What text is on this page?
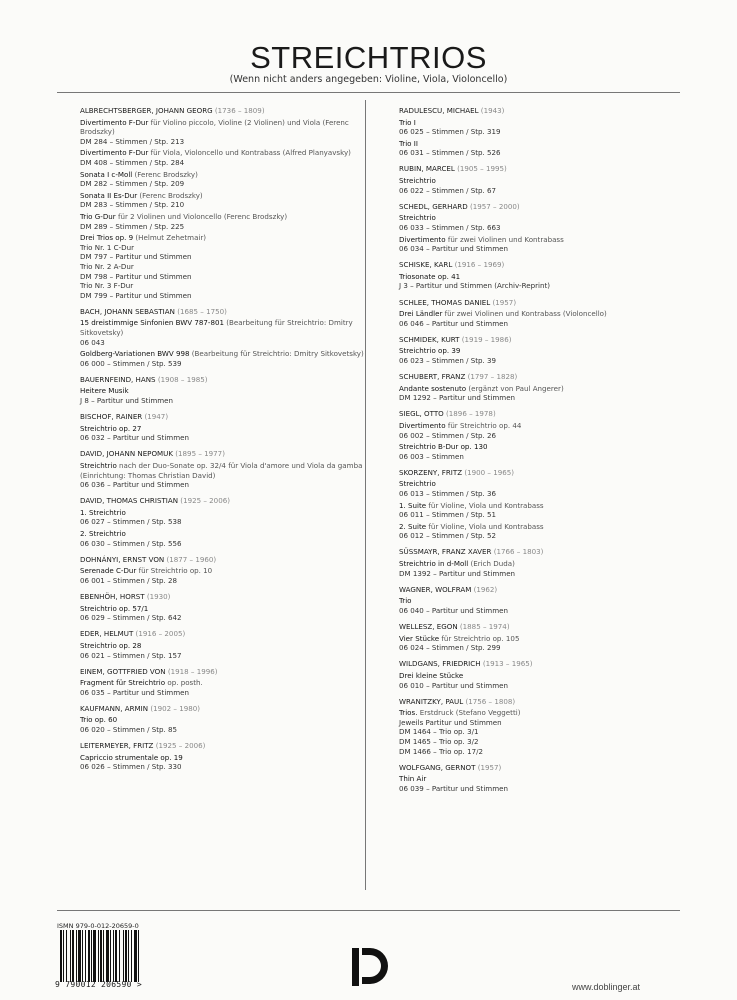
STREICHTRIOS
(Wenn nicht anders angegeben: Violine, Viola, Violoncello)
ALBRECHTSBERGER, JOHANN GEORG (1736 – 1809)
Divertimento F-Dur für Violino piccolo, Violine (2 Violinen) und Viola (Ferenc Brodszky)
DM 284 – Stimmen / Stp. 213
Divertimento F-Dur für Viola, Violoncello und Kontrabass (Alfred Planyavsky)
DM 408 – Stimmen / Stp. 284
Sonata I c-Moll (Ferenc Brodszky)
DM 282 – Stimmen / Stp. 209
Sonata II Es-Dur (Ferenc Brodszky)
DM 283 – Stimmen / Stp. 210
Trio G-Dur für 2 Violinen und Violoncello (Ferenc Brodszky)
DM 289 – Stimmen / Stp. 225
Drei Trios op. 9 (Helmut Zehetmair)
Trio Nr. 1 C-Dur
DM 797 – Partitur und Stimmen
Trio Nr. 2 A-Dur
DM 798 – Partitur und Stimmen
Trio Nr. 3 F-Dur
DM 799 – Partitur und Stimmen
BACH, JOHANN SEBASTIAN (1685 – 1750)
15 dreistimmige Sinfonien BWV 787-801 (Bearbeitung für Streichtrio: Dmitry Sitkovetsky)
06 043
Goldberg-Variationen BWV 998 (Bearbeitung für Streichtrio: Dmitry Sitkovetsky)
06 000 – Stimmen / Stp. 539
BAUERNFEIND, HANS (1908 – 1985)
Heitere Musik
J 8 – Partitur und Stimmen
BISCHOF, RAINER (1947)
Streichtrio op. 27
06 032 – Partitur und Stimmen
DAVID, JOHANN NEPOMUK (1895 – 1977)
Streichtrio nach der Duo-Sonate op. 32/4 für Viola d'amore und Viola da gamba (Einrichtung: Thomas Christian David)
06 036 – Partitur und Stimmen
DAVID, THOMAS CHRISTIAN (1925 – 2006)
1. Streichtrio
06 027 – Stimmen / Stp. 538
2. Streichtrio
06 030 – Stimmen / Stp. 556
DOHNÁNYI, ERNST VON (1877 – 1960)
Serenade C-Dur für Streichtrio op. 10
06 001 – Stimmen / Stp. 28
EBENHÖH, HORST (1930)
Streichtrio op. 57/1
06 029 – Stimmen / Stp. 642
EDER, HELMUT (1916 – 2005)
Streichtrio op. 28
06 021 – Stimmen / Stp. 157
EINEM, GOTTFRIED VON (1918 – 1996)
Fragment für Streichtrio op. posth.
06 035 – Partitur und Stimmen
KAUFMANN, ARMIN (1902 – 1980)
Trio op. 60
06 020 – Stimmen / Stp. 85
LEITERMEYER, FRITZ (1925 – 2006)
Capriccio strumentale op. 19
06 026 – Stimmen / Stp. 330
RADULESCU, MICHAEL (1943)
Trio I
06 025 – Stimmen / Stp. 319
Trio II
06 031 – Stimmen / Stp. 526
RUBIN, MARCEL (1905 – 1995)
Streichtrio
06 022 – Stimmen / Stp. 67
SCHEDL, GERHARD (1957 – 2000)
Streichtrio
06 033 – Stimmen / Stp. 663
Divertimento für zwei Violinen und Kontrabass
06 034 – Partitur und Stimmen
SCHISKE, KARL (1916 – 1969)
Triosonate op. 41
J 3 – Partitur und Stimmen (Archiv-Reprint)
SCHLEE, THOMAS DANIEL (1957)
Drei Ländler für zwei Violinen und Kontrabass (Violoncello)
06 046 – Partitur und Stimmen
SCHMIDEK, KURT (1919 – 1986)
Streichtrio op. 39
06 023 – Stimmen / Stp. 39
SCHUBERT, FRANZ (1797 – 1828)
Andante sostenuto (ergänzt von Paul Angerer)
DM 1292 – Partitur und Stimmen
SIEGL, OTTO (1896 – 1978)
Divertimento für Streichtrio op. 44
06 002 – Stimmen / Stp. 26
Streichtrio B-Dur op. 130
06 003 – Stimmen
SKORZENY, FRITZ (1900 – 1965)
Streichtrio
06 013 – Stimmen / Stp. 36
1. Suite für Violine, Viola und Kontrabass
06 011 – Stimmen / Stp. 51
2. Suite für Violine, Viola und Kontrabass
06 012 – Stimmen / Stp. 52
SÜSSMAYR, FRANZ XAVER (1766 – 1803)
Streichtrio in d-Moll (Erich Duda)
DM 1392 – Partitur und Stimmen
WAGNER, WOLFRAM (1962)
Trio
06 040 – Partitur und Stimmen
WELLESZ, EGON (1885 – 1974)
Vier Stücke für Streichtrio op. 105
06 024 – Stimmen / Stp. 299
WILDGANS, FRIEDRICH (1913 – 1965)
Drei kleine Stücke
06 010 – Partitur und Stimmen
WRANITZKY, PAUL (1756 – 1808)
Trios. Erstdruck (Stefano Veggetti)
Jeweils Partitur und Stimmen
DM 1464 – Trio op. 3/1
DM 1465 – Trio op. 3/2
DM 1466 – Trio op. 17/2
WOLFGANG, GERNOT (1957)
Thin Air
06 039 – Partitur und Stimmen
ISMN 979-0-012-20659-0
9 790012 206590 >	www.doblinger.at
